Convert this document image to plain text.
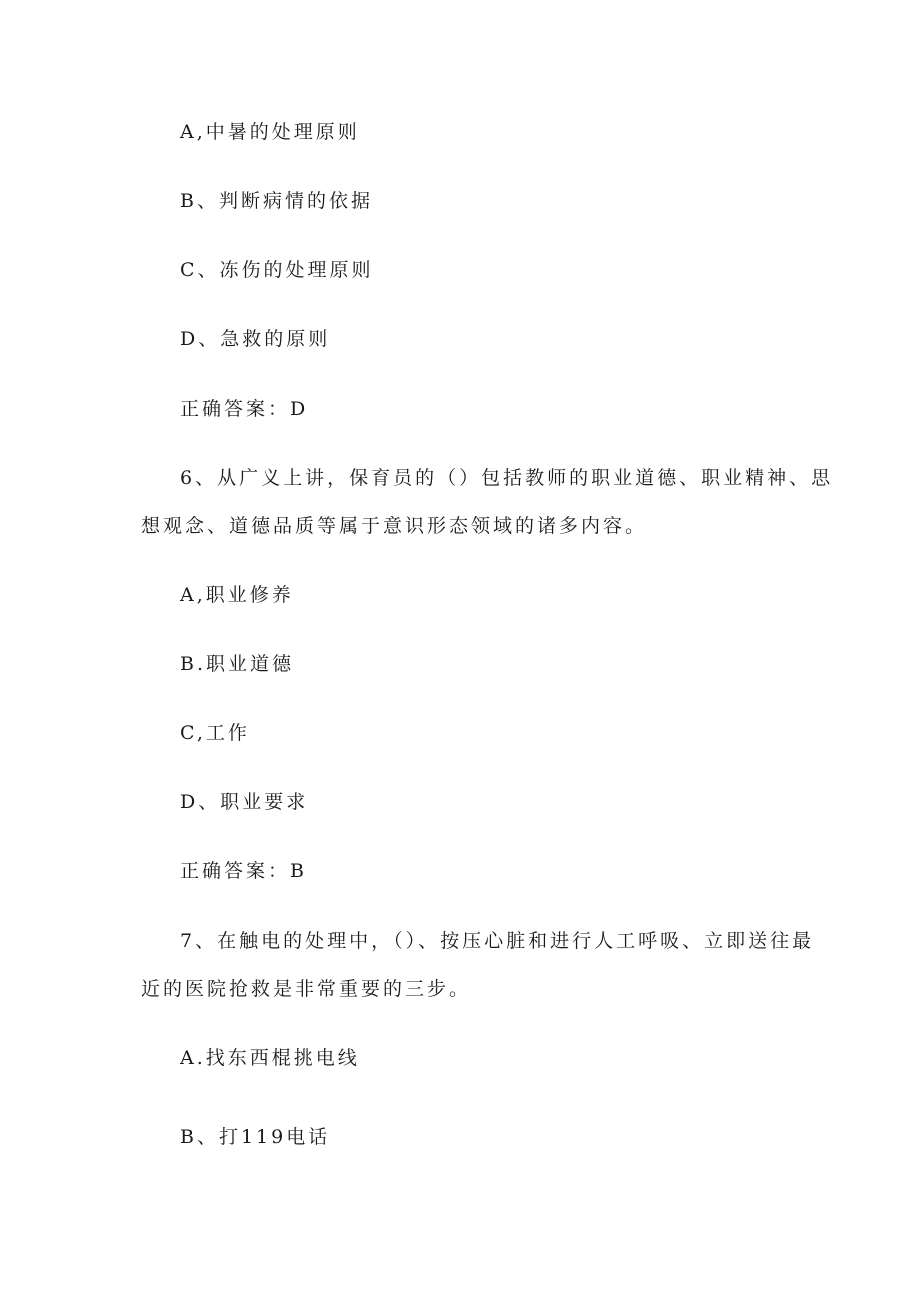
A,中暑的处理原则
B、判断病情的依据
C、冻伤的处理原则
D、急救的原则
正确答案：D
6、从广义上讲，保育员的（）包括教师的职业道德、职业精神、思
想观念、道德品质等属于意识形态领域的诸多内容。
A,职业修养
B.职业道德
C,工作
D、职业要求
正确答案：B
7、在触电的处理中，（）、按压心脏和进行人工呼吸、立即送往最
近的医院抢救是非常重要的三步。
A.找东西棍挑电线
B、打119电话
